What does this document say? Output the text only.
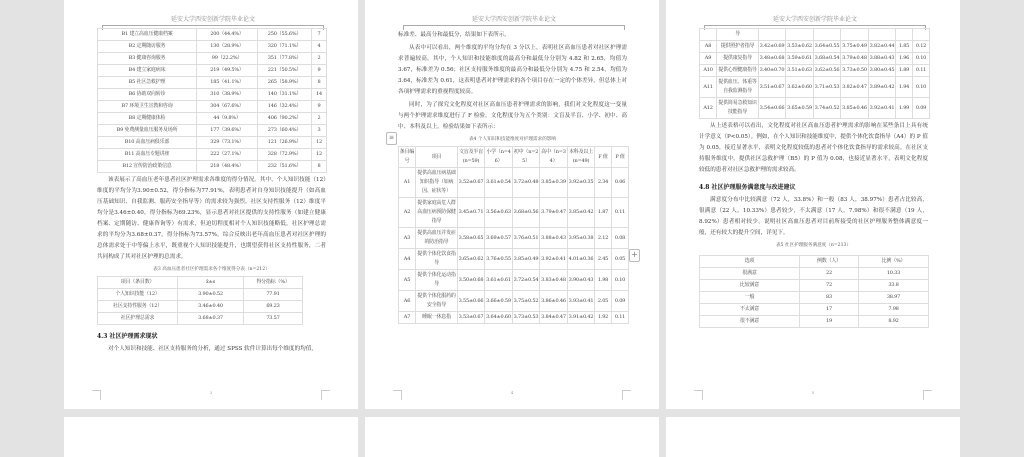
延安大学西安创新学院毕业论文
B1 建立高血压健康档案	200（44.4%）	250（55.6%）	7
B2 定期随访服务	130（28.9%）	320（71.1%）	4
B3 健康咨询服务	99（22.2%）	351（77.8%）	2
B4 建立家庭病床	219（49.5%）	221（50.5%）	9
B5 社区急救护理	185（41.1%）	265（58.9%）	8
B6 协助双向转诊	310（38.9%）	140（31.1%）	14
B7 环境卫生宣教和咨询	304（67.6%）	146（32.4%）	9
B8 定期健康体检	44（9.8%）	406（90.2%）	2
B9 免费测量血压服务及场所	177（39.6%）	273（60.4%）	3
B10 高血压病俱乐部	329（73.1%）	121（26.9%）	12
B11 高血压专题讲座	222（27.1%）	328（72.9%）	12
B12 宣传防治政策信息	218（48.4%）	232（51.6%）	8
该表展示了高血压老年患者社区护理需求各维度的得分情况。其中，个人知识技能（12）维度的平均分为3.90±0.52，得分指标为77.91%，表明患者对自身知识技能提升（如高血压基础知识、自我监测、服药安全指导等）的需求较为强烈。社区支持性服务（12）维度平均分是3.46±0.40，得分指标为69.23%，显示患者对社区提供的支持性服务（如建立健康档案、定期随访、健康咨询等）有需求，但迫切程度相对个人知识技能略低。社区护理总需求的平均分为3.68±0.37，得分指标为73.57%，综合反映出老年高血压患者对社区护理的总体需求处于中等偏上水平，既重视个人知识技能提升，也期望获得社区支持性服务，二者共同构成了其对社区护理的总需求。
表3 高血压患者社区护理需求各个维度得分表（n=212）
项目（条目数）	x̄±s	得分指标（%）
个人知识技能（12）	3.90±0.52	77.91
社区支持性服务（12）	3.46±0.40	69.23
社区护理总需求	3.68±0.37	73.57
4.3 社区护理需求现状
对个人知识和技能、社区支持服务的分析，通过 SPSS 软件计算出每个维度的均值，
3
延安大学西安创新学院毕业论文
标准差、最高分和最低分，结果如下表所示。
从表中可以看出，两个维度的平均分均在 3 分以上，表明社区高血压患者对社区护理需求普遍较高。其中，个人知识和技能维度的最高分和最低分分别为 4.82 和 2.65，均值为 3.67，标准差为 0.56；社区支持服务维度的最高分和最低分分别为 4.75 和 2.54，均值为 3.64，标准差为 0.61，这表明患者对护理需求的各个项目存在一定的个体差异，但总体上对各项护理需求的重视程度较高。
同时，为了探究文化程度对社区高血压患者护理需求的影响，我们对文化程度这一变量与两个护理需求维度进行了 F 检验。文化程度分为五个类别：文盲及半盲、小学、初中、高中、本科及以上。检验结果如下表所示：
表4 个人知识和技能维度对护理需求的影响
条目编号	项目	文盲及半盲(n=59)	小学（n=46）	初中（n=25）	高中（n=34）	本科及以上(n=49)	F 值	P 值
A1	提供高血压病基础知识指导（如病因、症状等）	3.52±0.67	3.61±0.54	3.72±0.48	3.85±0.39	3.92±0.35	2.34	0.06
A2	提供家庭高危人群高血压病预防保健指导	3.45±0.71	3.56±0.63	3.68±0.56	3.79±0.47	3.85±0.42	1.87	0.11
A3	提供高血压并发症的防治指导	3.58±0.65	3.69±0.57	3.76±0.51	3.88±0.43	3.95±0.38	2.12	0.08
A4	提供个体化饮食指导	3.65±0.62	3.76±0.55	3.85±0.49	3.92±0.41	4.01±0.36	2.45	0.05
A5	提供个体化运动指导	3.50±0.68	3.61±0.61	3.72±0.54	3.83±0.48	3.90±0.43	1.98	0.10
A6	提供个体化服药的安全指导	3.55±0.66	3.66±0.59	3.75±0.52	3.86±0.46	3.93±0.41	2.05	0.09
A7	睡眠一休息指	3.53±0.67	3.64±0.60	3.73±0.53	3.84±0.47	3.91±0.42	1.92	0.11
4
延安大学西安创新学院毕业论文
	导							
A8	提供照护者指导	3.42±0.69	3.53±0.62	3.64±0.55	3.75±0.49	3.82±0.44	1.85	0.12
A9	提供康复指导	3.48±0.68	3.59±0.61	3.68±0.54	3.79±0.48	3.88±0.43	1.96	0.10
A10	提供心理健康指导	3.40±0.70	3.51±0.63	3.62±0.56	3.73±0.50	3.80±0.45	1.89	0.11
A11	提供血压、体重等自我监测指导	3.51±0.67	3.62±0.60	3.71±0.53	3.82±0.47	3.89±0.42	1.94	0.10
A12	提供简易急救知识技能指导	3.54±0.66	3.65±0.59	3.74±0.52	3.85±0.46	3.92±0.41	1.99	0.09
从上述表格可以看出，文化程度对社区高血压患者护理需求的影响在某些条目上具有统计学意义（P<0.05）。例如，在个人知识和技能维度中，提供个体化饮食指导（A4）的 P 值为 0.05，接近显著水平，表明文化程度较低的患者对个体化饮食指导的需求较高。在社区支持服务维度中，提供社区急救护理（B5）的 P 值为 0.08，也接近显著水平，表明文化程度较低的患者对社区急救护理的需求较高。
4.8 社区护理服务满意度与改进建议
满意度分布中比较满意（72 人，33.8%）和一般（83 人，38.97%）患者占比较高，很满意（22 人，10.33%）患者较少，不太满意（17 人，7.98%）和很不满意（19 人，8.92%）患者相对较少，说明社区高血压患者对目前所接受的社区护理服务整体满意度一般，还有较大的提升空间，详见下。
表5 社区护理服务满意度（n=213）
选项	例数（人）	比例（%）
很满意	22	10.33
比较满意	72	33.8
一般	83	38.97
不太满意	17	7.98
很不满意	19	8.92
5
≡
+
